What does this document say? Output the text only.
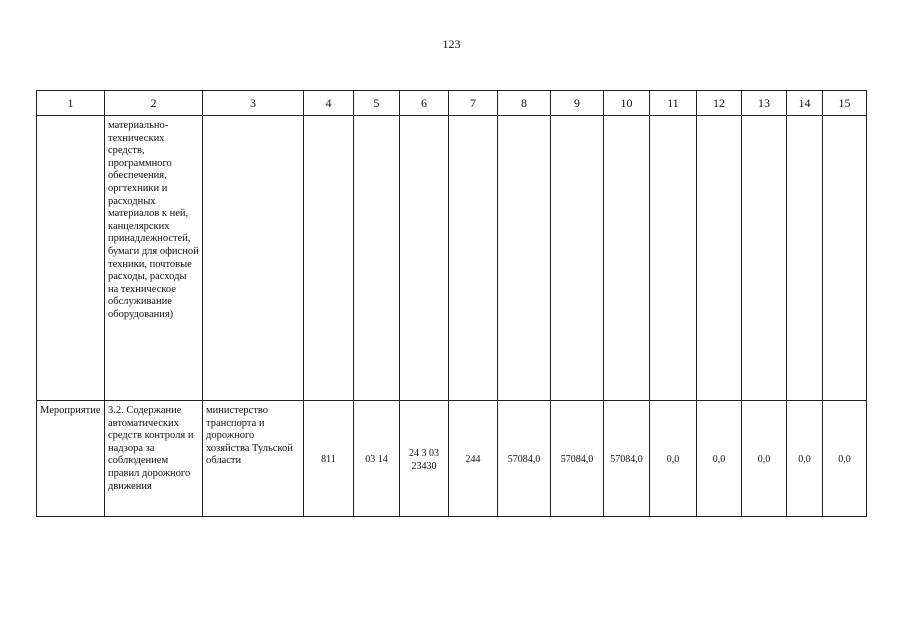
123
1	2	3	4	5	6	7	8	9	10	11	12	13	14	15

	материально-технических средств, программного обеспечения, оргтехники и расходных материалов к ней, канцелярских принадлежностей, бумаги для офисной техники, почтовые расходы, расходы на техническое обслуживание оборудования)													

Мероприятие	3.2. Содержание автоматических средств контроля и надзора за соблюдением правил дорожного движения	министерство транспорта и дорожного хозяйства Тульской области	811	03 14	24 3 03 23430	244	57084,0	57084,0	57084,0	0,0	0,0	0,0	0,0	0,0
